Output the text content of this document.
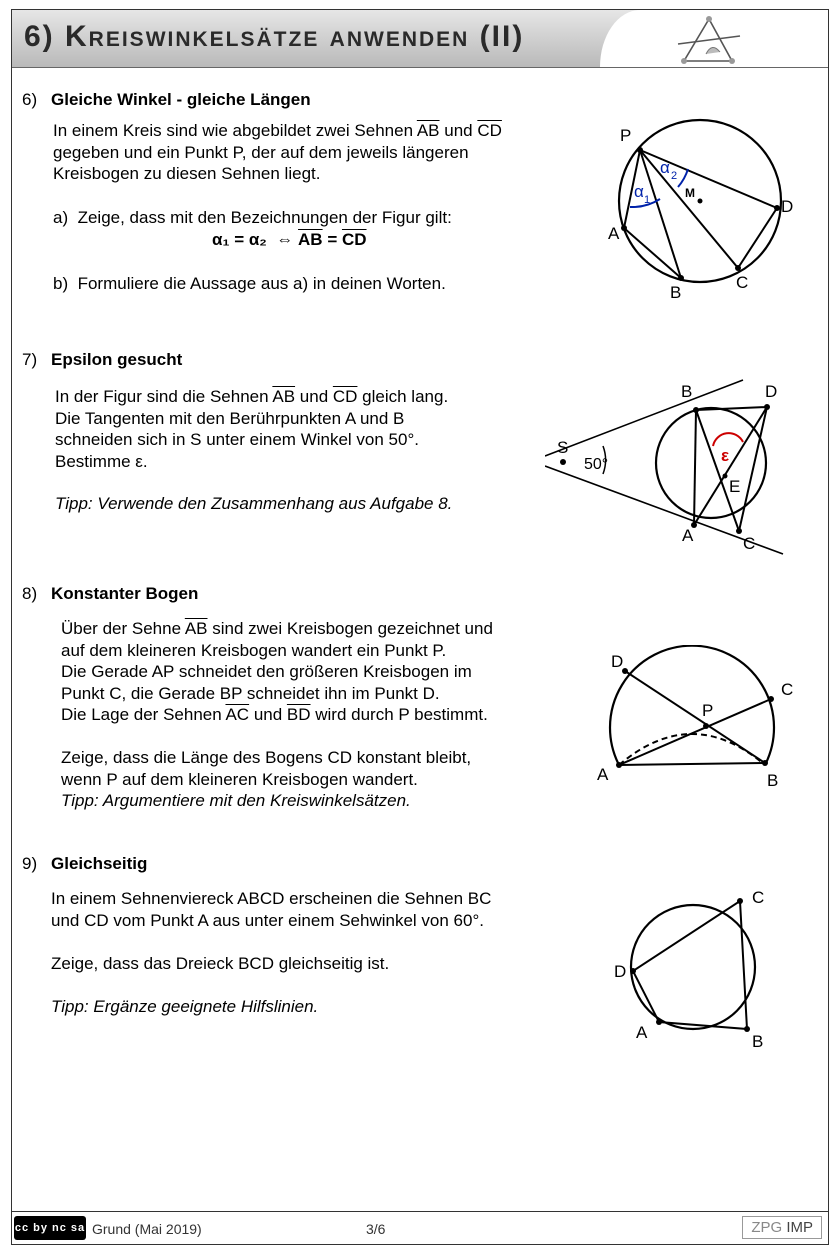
6) Kreiswinkelsätze anwenden (II)
6) Gleiche Winkel - gleiche Längen
In einem Kreis sind wie abgebildet zwei Sehnen $\overline{AB}$ und $\overline{CD}$
gegeben und ein Punkt P, der auf dem jeweils längeren
Kreisbogen zu diesen Sehnen liegt.
a) Zeige, dass mit den Bezeichnungen der Figur gilt:
α₁ = α₂  ⇔ $\overline{AB} = \overline{CD}$
b) Formuliere die Aussage aus a) in deinen Worten.
P
A
B
C
D
M
α 1
α 2
7) Epsilon gesucht
In der Figur sind die Sehnen $\overline{AB}$ und $\overline{CD}$ gleich lang.
Die Tangenten mit den Berührpunkten A und B
schneiden sich in S unter einem Winkel von 50°.
Bestimme ε.
Tipp: Verwende den Zusammenhang aus Aufgabe 8.
S
50°
B	D
A	C
E
ε
8) Konstanter Bogen
Über der Sehne $\overline{AB}$ sind zwei Kreisbogen gezeichnet und
auf dem kleineren Kreisbogen wandert ein Punkt P.
Die Gerade AP schneidet den größeren Kreisbogen im
Punkt C, die Gerade BP schneidet ihn im Punkt D.
Die Lage der Sehnen $\overline{AC}$ und $\overline{BD}$ wird durch P bestimmt.

Zeige, dass die Länge des Bogens CD konstant bleibt,
wenn P auf dem kleineren Kreisbogen wandert.
Tipp: Argumentiere mit den Kreiswinkelsätzen.
A	B
C
D
P
9) Gleichseitig
In einem Sehnenviereck ABCD erscheinen die Sehnen BC
und CD vom Punkt A aus unter einem Sehwinkel von 60°.

Zeige, dass das Dreieck BCD gleichseitig ist.

Tipp: Ergänze geeignete Hilfslinien.
A	B
C
D
cc by nc sa Grund (Mai 2019)	3/6	ZPG IMP
